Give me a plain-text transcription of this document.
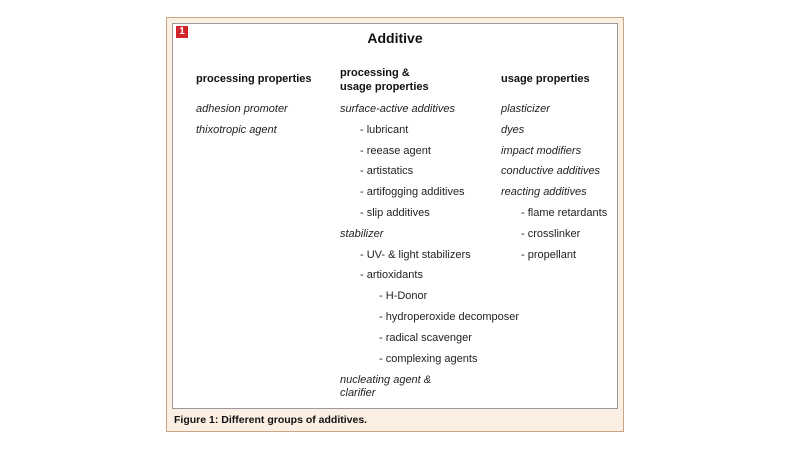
1	Additive
processing properties
adhesion promoter
thixotropic agent
processing &
usage properties
surface-active additives
- lubricant
- reease agent
- artistatics
- artifogging additives
- slip additives
stabilizer
- UV- & light stabilizers
- artioxidants
- H-Donor
- hydroperoxide decomposer
- radical scavenger
- complexing agents
nucleating agent &
clarifier
usage properties
plasticizer
dyes
impact modifiers
conductive additives
reacting additives
- flame retardants
- crosslinker
- propellant
Figure 1: Different groups of additives.
